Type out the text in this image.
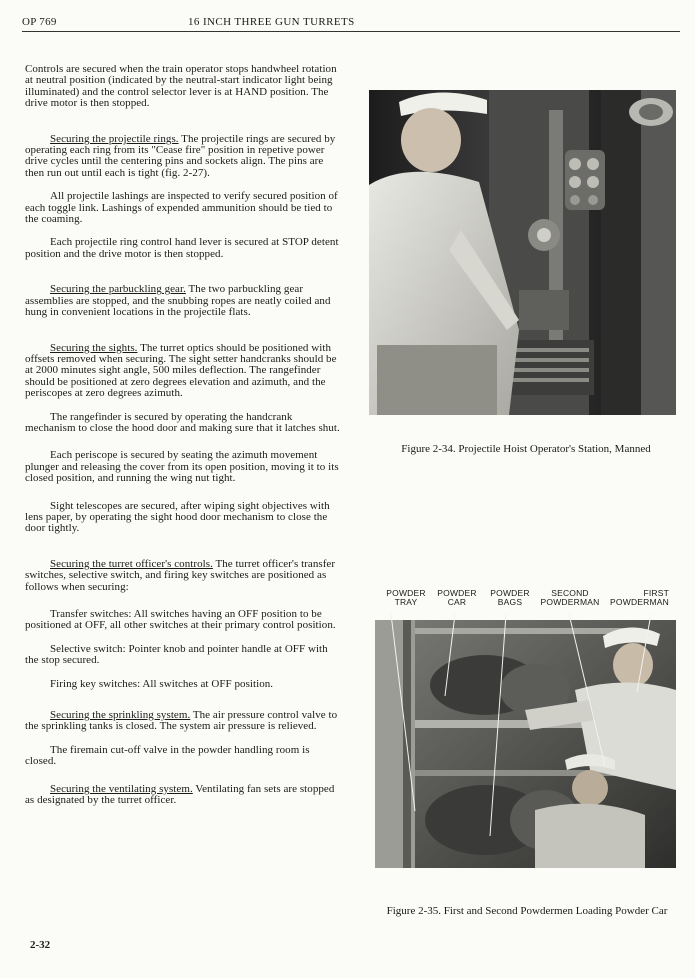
OP 769	16 INCH THREE GUN TURRETS

Controls are secured when the train operator stops handwheel rotation at neutral position (indicated by the neutral-start indicator light being illuminated) and the control selector lever is at HAND position. The drive motor is then stopped.

Securing the projectile rings. The projectile rings are secured by operating each ring from its "Cease fire" position in repetive power drive cycles until the centering pins and sockets align. The pins are then run out until each is tight (fig. 2-27).

All projectile lashings are inspected to verify secured position of each toggle link. Lashings of expended ammunition should be tied to the coaming.

Each projectile ring control hand lever is secured at STOP detent position and the drive motor is then stopped.

Securing the parbuckling gear. The two parbuckling gear assemblies are stopped, and the snubbing ropes are neatly coiled and hung in convenient locations in the projectile flats.

Securing the sights. The turret optics should be positioned with offsets removed when securing. The sight setter handcranks should be at 2000 minutes sight angle, 500 miles deflection. The rangefinder should be positioned at zero degrees elevation and azimuth, and the periscopes at zero degrees azimuth.

The rangefinder is secured by operating the handcrank mechanism to close the hood door and making sure that it latches shut.

Each periscope is secured by seating the azimuth movement plunger and releasing the cover from its open position, moving it to its closed position, and running the wing nut tight.

Sight telescopes are secured, after wiping sight objectives with lens paper, by operating the sight hood door mechanism to close the door tightly.

Securing the turret officer's controls. The turret officer's transfer switches, selective switch, and firing key switches are positioned as follows when securing:

Transfer switches: All switches having an OFF position to be positioned at OFF, all other switches at their primary control position.

Selective switch: Pointer knob and pointer handle at OFF with the stop secured.

Firing key switches: All switches at OFF position.

Securing the sprinkling system. The air pressure control valve to the sprinkling tanks is closed. The system air pressure is relieved.

The firemain cut-off valve in the powder handling room is closed.

Securing the ventilating system. Ventilating fan sets are stopped as designated by the turret officer.

2-32
Figure 2-34. Projectile Hoist Operator's Station, Manned
POWDER TRAY
POWDER CAR
POWDER BAGS
SECOND POWDERMAN
FIRST POWDERMAN
Figure 2-35. First and Second Powdermen Loading Powder Car
